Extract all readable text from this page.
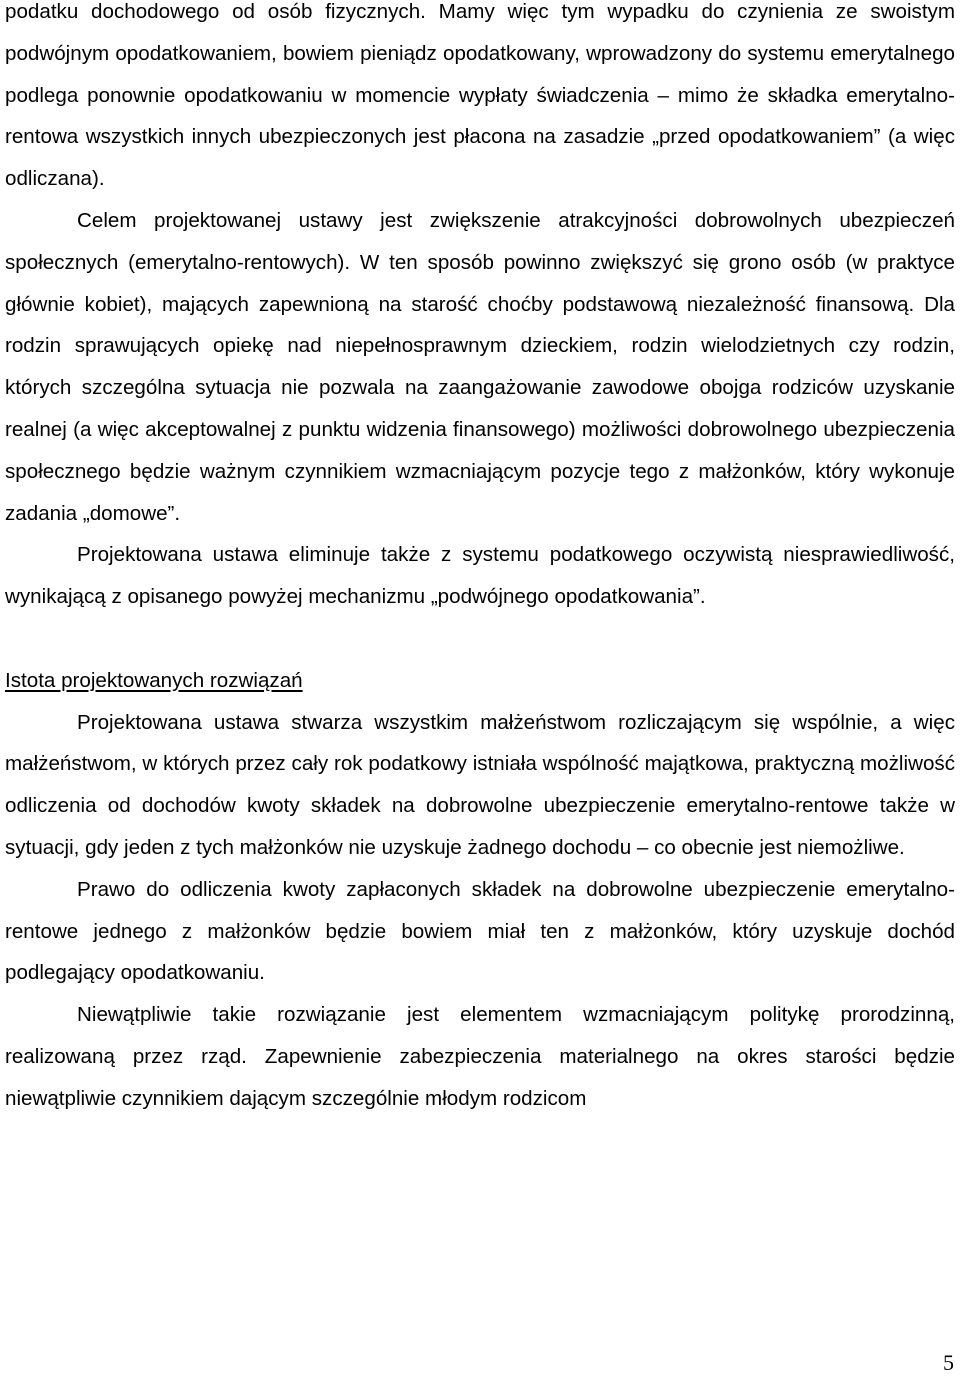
podatku dochodowego od osób fizycznych. Mamy więc tym wypadku do czynienia ze swoistym podwójnym opodatkowaniem, bowiem pieniądz opodatkowany, wprowadzony do systemu emerytalnego podlega ponownie opodatkowaniu w momencie wypłaty świadczenia – mimo że składka emerytalno-rentowa wszystkich innych ubezpieczonych jest płacona na zasadzie „przed opodatkowaniem” (a więc odliczana).

Celem projektowanej ustawy jest zwiększenie atrakcyjności dobrowolnych ubezpieczeń społecznych (emerytalno-rentowych). W ten sposób powinno zwiększyć się grono osób (w praktyce głównie kobiet), mających zapewnioną na starość choćby podstawową niezależność finansową. Dla rodzin sprawujących opiekę nad niepełnosprawnym dzieckiem, rodzin wielodzietnych czy rodzin, których szczególna sytuacja nie pozwala na zaangażowanie zawodowe obojga rodziców uzyskanie realnej (a więc akceptowalnej z punktu widzenia finansowego) możliwości dobrowolnego ubezpieczenia społecznego będzie ważnym czynnikiem wzmacniającym pozycje tego z małżonków, który wykonuje zadania „domowe”.

Projektowana ustawa eliminuje także z systemu podatkowego oczywistą niesprawiedliwość, wynikającą z opisanego powyżej mechanizmu „podwójnego opodatkowania”.

Istota projektowanych rozwiązań

Projektowana ustawa stwarza wszystkim małżeństwom rozliczającym się wspólnie, a więc małżeństwom, w których przez cały rok podatkowy istniała wspólność majątkowa, praktyczną możliwość odliczenia od dochodów kwoty składek na dobrowolne ubezpieczenie emerytalno-rentowe także w sytuacji, gdy jeden z tych małżonków nie uzyskuje żadnego dochodu – co obecnie jest niemożliwe.

Prawo do odliczenia kwoty zapłaconych składek na dobrowolne ubezpieczenie emerytalno-rentowe jednego z małżonków będzie bowiem miał ten z małżonków, który uzyskuje dochód podlegający opodatkowaniu.

Niewątpliwie takie rozwiązanie jest elementem wzmacniającym politykę prorodzinną, realizowaną przez rząd. Zapewnienie zabezpieczenia materialnego na okres starości będzie niewątpliwie czynnikiem dającym szczególnie młodym rodzicom

5
